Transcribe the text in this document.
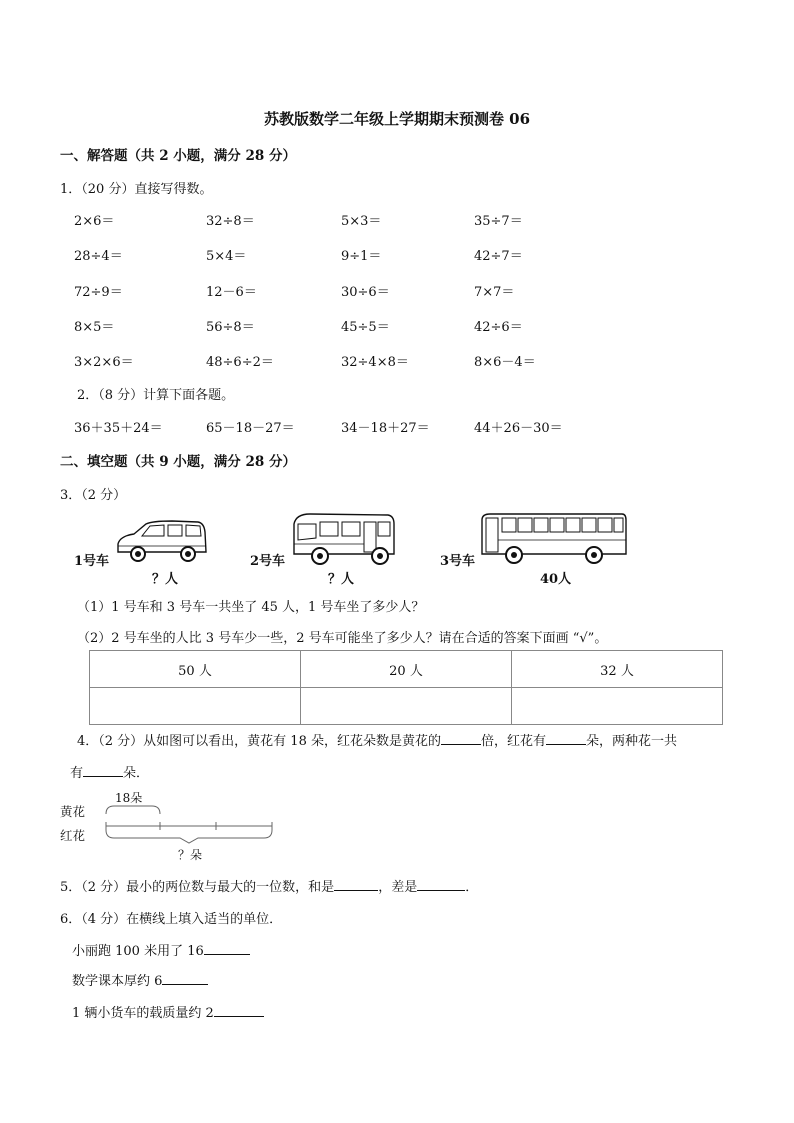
苏教版数学二年级上学期期末预测卷 06
一、解答题（共 2 小题，满分 28 分）
1．（20 分）直接写得数。
2×6＝	32÷8＝	5×3＝	35÷7＝
28÷4＝	5×4＝	9÷1＝	42÷7＝
72÷9＝	12－6＝	30÷6＝	7×7＝
8×5＝	56÷8＝	45÷5＝	42÷6＝
3×2×6＝	48÷6÷2＝	32÷4×8＝	8×6－4＝
2．（8 分）计算下面各题。
36＋35＋24＝	65－18－27＝	34－18＋27＝	44＋26－30＝
二、填空题（共 9 小题，满分 28 分）
3．（2 分）
1号车
？人
2号车
？人
3号车
40人
（1）1 号车和 3 号车一共坐了 45 人，1 号车坐了多少人？
（2）2 号车坐的人比 3 号车少一些，2 号车可能坐了多少人？请在合适的答案下面画 “√”。
50 人	20 人	32 人

4．（2 分）从如图可以看出，黄花有 18 朵，红花朵数是黄花的	倍，红花有	朵，两种花一共
有	朵．
18朵
黄花
红花
？朵
5．（2 分）最小的两位数与最大的一位数，和是	，差是	．
6．（4 分）在横线上填入适当的单位．
小丽跑 100 米用了 16
数学课本厚约 6
1 辆小货车的载质量约 2
